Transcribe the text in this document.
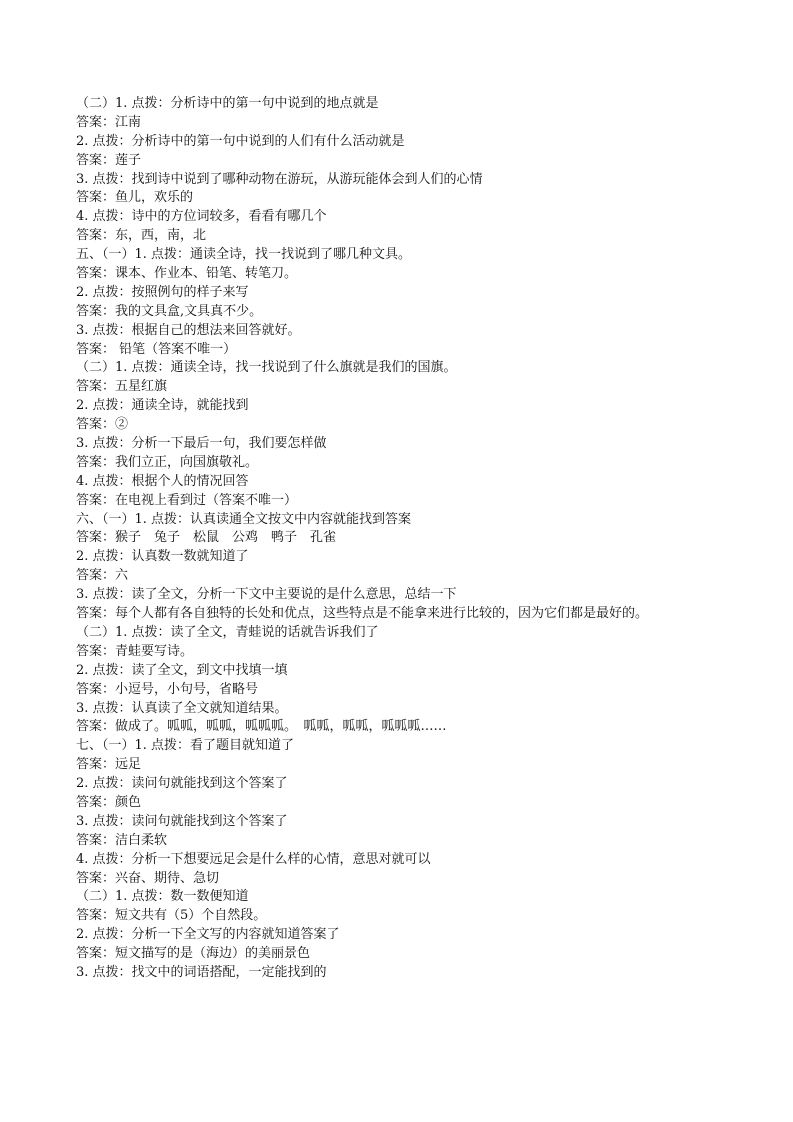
（二）1. 点拨：分析诗中的第一句中说到的地点就是
答案：江南
2. 点拨：分析诗中的第一句中说到的人们有什么活动就是
答案：莲子
3. 点拨：找到诗中说到了哪种动物在游玩，从游玩能体会到人们的心情
答案：鱼儿，欢乐的
4. 点拨：诗中的方位词较多，看看有哪几个
答案：东，西，南，北
五、（一）1. 点拨：通读全诗，找一找说到了哪几种文具。
答案：课本、作业本、铅笔、转笔刀。
2. 点拨：按照例句的样子来写
答案：我的文具盒,文具真不少。
3. 点拨：根据自己的想法来回答就好。
答案： 铅笔（答案不唯一）
（二）1. 点拨：通读全诗，找一找说到了什么旗就是我们的国旗。
答案：五星红旗
2. 点拨：通读全诗，就能找到
答案：②
3. 点拨：分析一下最后一句，我们要怎样做
答案：我们立正，向国旗敬礼。
4. 点拨：根据个人的情况回答
答案：在电视上看到过（答案不唯一）
六、（一）1. 点拨：认真读通全文按文中内容就能找到答案
答案：猴子　兔子　松鼠　公鸡　鸭子　孔雀
2. 点拨：认真数一数就知道了
答案：六
3. 点拨：读了全文，分析一下文中主要说的是什么意思，总结一下
答案：每个人都有各自独特的长处和优点，这些特点是不能拿来进行比较的，因为它们都是最好的。
（二）1. 点拨：读了全文，青蛙说的话就告诉我们了
答案：青蛙要写诗。
2. 点拨：读了全文，到文中找填一填
答案：小逗号，小句号，省略号
3. 点拨：认真读了全文就知道结果。
答案：做成了。呱呱，呱呱，呱呱呱。　呱呱，呱呱，呱呱呱……
七、（一）1. 点拨：看了题目就知道了
答案：远足
2. 点拨：读问句就能找到这个答案了
答案：颜色
3. 点拨：读问句就能找到这个答案了
答案：洁白柔软
4. 点拨：分析一下想要远足会是什么样的心情，意思对就可以
答案：兴奋、期待、急切
（二）1. 点拨：数一数便知道
答案：短文共有（5）个自然段。
2. 点拨：分析一下全文写的内容就知道答案了
答案：短文描写的是（海边）的美丽景色
3. 点拨：找文中的词语搭配，一定能找到的
